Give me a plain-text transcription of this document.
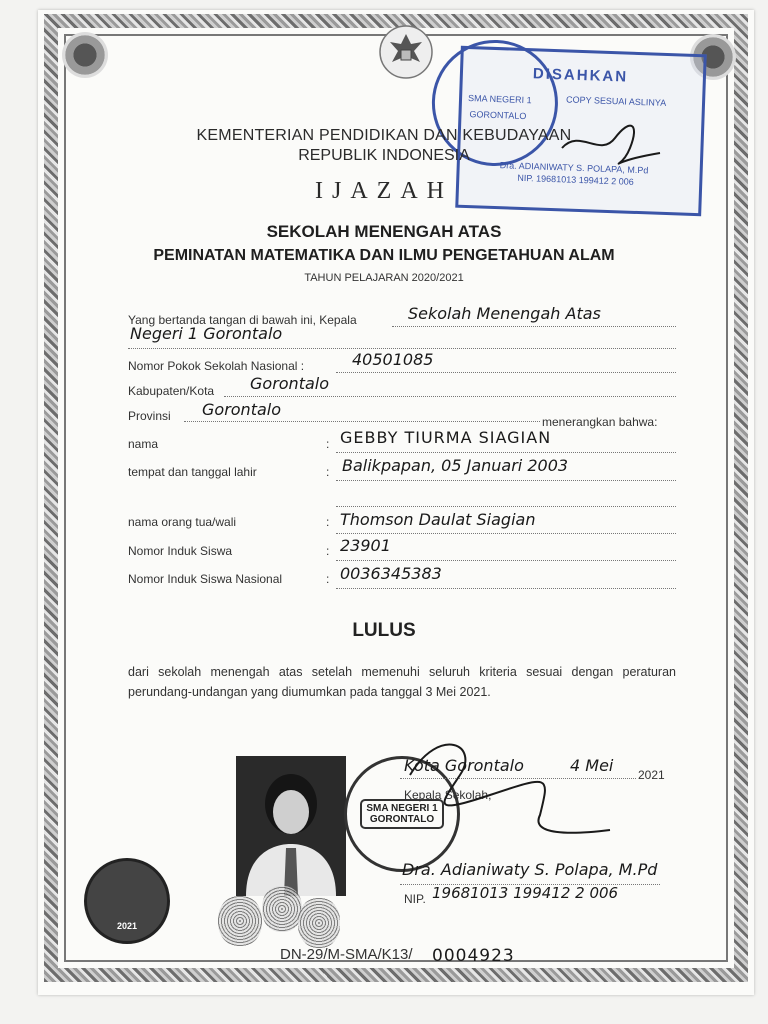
DISAHKAN
SMA NEGERI 1	COPY SESUAI ASLINYA
GORONTALO
Dra. ADIANIWATY S. POLAPA, M.Pd
NIP. 19681013 199412 2 006
KEMENTERIAN PENDIDIKAN DAN KEBUDAYAAN
REPUBLIK INDONESIA
IJAZAH
SEKOLAH MENENGAH ATAS
PEMINATAN MATEMATIKA DAN ILMU PENGETAHUAN ALAM
TAHUN PELAJARAN 2020/2021
Yang bertanda tangan di bawah ini, Kepala	Sekolah Menengah Atas
Negeri 1 Gorontalo
Nomor Pokok Sekolah Nasional :	40501085
Kabupaten/Kota Gorontalo
Provinsi Gorontalo
menerangkan bahwa:
nama	: GEBBY TIURMA SIAGIAN
tempat dan tanggal lahir	: Balikpapan, 05 Januari 2003
nama orang tua/wali	: Thomson Daulat Siagian
Nomor Induk Siswa	: 23901
Nomor Induk Siswa Nasional	: 0036345383
LULUS
dari sekolah menengah atas setelah memenuhi seluruh kriteria sesuai dengan peraturan perundang-undangan yang diumumkan pada tanggal 3 Mei 2021.
SMA NEGERI 1
GORONTALO
2021
Kota Gorontalo	4 Mei 2021
Kepala Sekolah,
Dra. Adianiwaty S. Polapa, M.Pd
NIP. 19681013 199412 2 006
DN-29/M-SMA/K13/ 0004923
